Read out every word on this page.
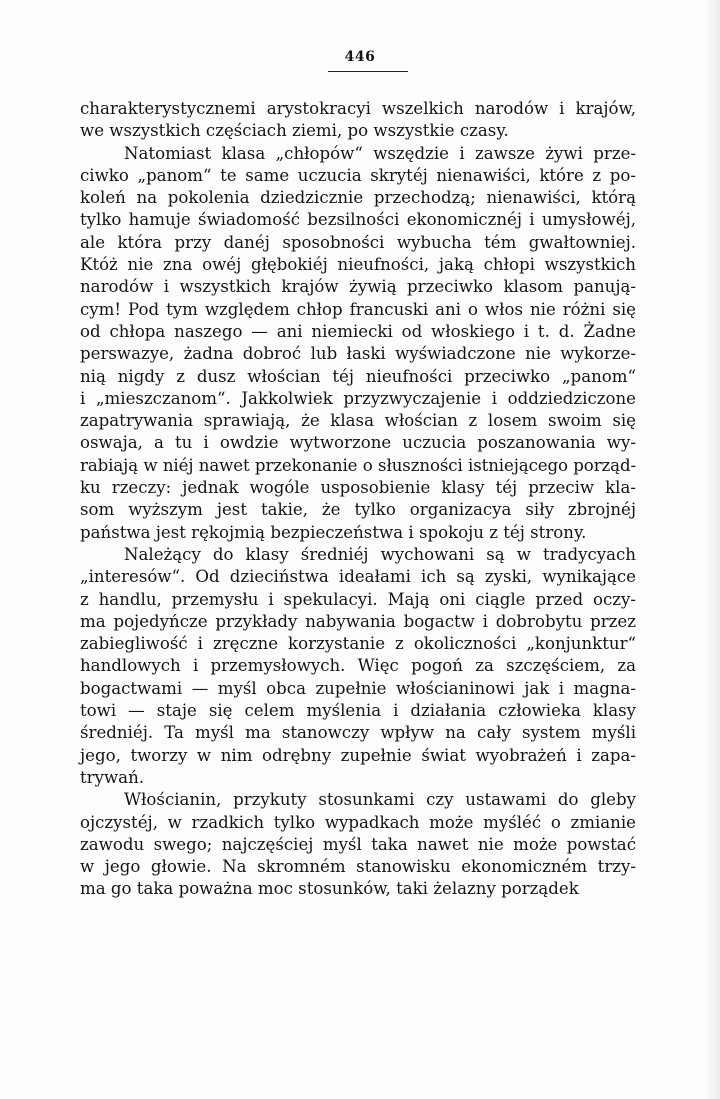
446
charakterystycznemi arystokracyi wszelkich narodów i krajów,
we wszystkich częściach ziemi, po wszystkie czasy.
Natomiast klasa „chłopów“ wszędzie i zawsze żywi prze-
ciwko „panom“ te same uczucia skrytéj nienawiści, które z po-
koleń na pokolenia dziedzicznie przechodzą; nienawiści, którą
tylko hamuje świadomość bezsilności ekonomicznéj i umysłowéj,
ale która przy danéj sposobności wybucha tém gwałtowniej.
Któż nie zna owéj głębokiéj nieufności, jaką chłopi wszystkich
narodów i wszystkich krajów żywią przeciwko klasom panują-
cym! Pod tym względem chłop francuski ani o włos nie różni się
od chłopa naszego — ani niemiecki od włoskiego i t. d. Żadne
perswazye, żadna dobroć lub łaski wyświadczone nie wykorze-
nią nigdy z dusz włościan téj nieufności przeciwko „panom“
i „mieszczanom“. Jakkolwiek przyzwyczajenie i oddziedziczone
zapatrywania sprawiają, że klasa włościan z losem swoim się
oswaja, a tu i owdzie wytworzone uczucia poszanowania wy-
rabiają w niéj nawet przekonanie o słuszności istniejącego porząd-
ku rzeczy: jednak wogóle usposobienie klasy téj przeciw kla-
som wyższym jest takie, że tylko organizacya siły zbrojnéj
państwa jest rękojmią bezpieczeństwa i spokoju z téj strony.
Należący do klasy średniéj wychowani są w tradycyach
„interesów“. Od dzieciństwa ideałami ich są zyski, wynikające
z handlu, przemysłu i spekulacyi. Mają oni ciągle przed oczy-
ma pojedyńcze przykłady nabywania bogactw i dobrobytu przez
zabiegliwość i zręczne korzystanie z okoliczności „konjunktur“
handlowych i przemysłowych. Więc pogoń za szczęściem, za
bogactwami — myśl obca zupełnie włościaninowi jak i magna-
towi — staje się celem myślenia i działania człowieka klasy
średniéj. Ta myśl ma stanowczy wpływ na cały system myśli
jego, tworzy w nim odrębny zupełnie świat wyobrażeń i zapa-
trywań.
Włościanin, przykuty stosunkami czy ustawami do gleby
ojczystéj, w rzadkich tylko wypadkach może myśléć o zmianie
zawodu swego; najczęściej myśl taka nawet nie może powstać
w jego głowie. Na skromném stanowisku ekonomiczném trzy-
ma go taka poważna moc stosunków, taki żelazny porządek
